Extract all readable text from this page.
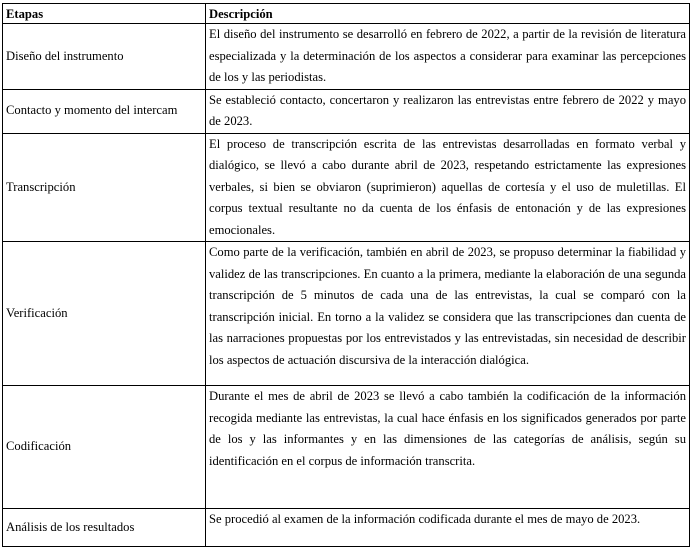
Etapas	Descripción
Diseño del instrumento	El diseño del instrumento se desarrolló en febrero de 2022, a partir de la revisión de literatura especializada y la determinación de los aspectos a considerar para examinar las percepciones de los y las periodistas.
Contacto y momento del intercam	Se estableció contacto, concertaron y realizaron las entrevistas entre febrero de 2022 y mayo de 2023.
Transcripción	El proceso de transcripción escrita de las entrevistas desarrolladas en formato verbal y dialógico, se llevó a cabo durante abril de 2023, respetando estrictamente las expresiones verbales, si bien se obviaron (suprimieron) aquellas de cortesía y el uso de muletillas. El corpus textual resultante no da cuenta de los énfasis de entonación y de las expresiones emocionales.
Verificación	Como parte de la verificación, también en abril de 2023, se propuso determinar la fiabilidad y validez de las transcripciones. En cuanto a la primera, mediante la elaboración de una segunda transcripción de 5 minutos de cada una de las entrevistas, la cual se comparó con la transcripción inicial. En torno a la validez se considera que las transcripciones dan cuenta de las narraciones propuestas por los entrevistados y las entrevistadas, sin necesidad de describir los aspectos de actuación discursiva de la interacción dialógica.
Codificación	Durante el mes de abril de 2023 se llevó a cabo también la codificación de la información recogida mediante las entrevistas, la cual hace énfasis en los significados generados por parte de los y las informantes y en las dimensiones de las categorías de análisis, según su identificación en el corpus de información transcrita.
Análisis de los resultados	Se procedió al examen de la información codificada durante el mes de mayo de 2023.
